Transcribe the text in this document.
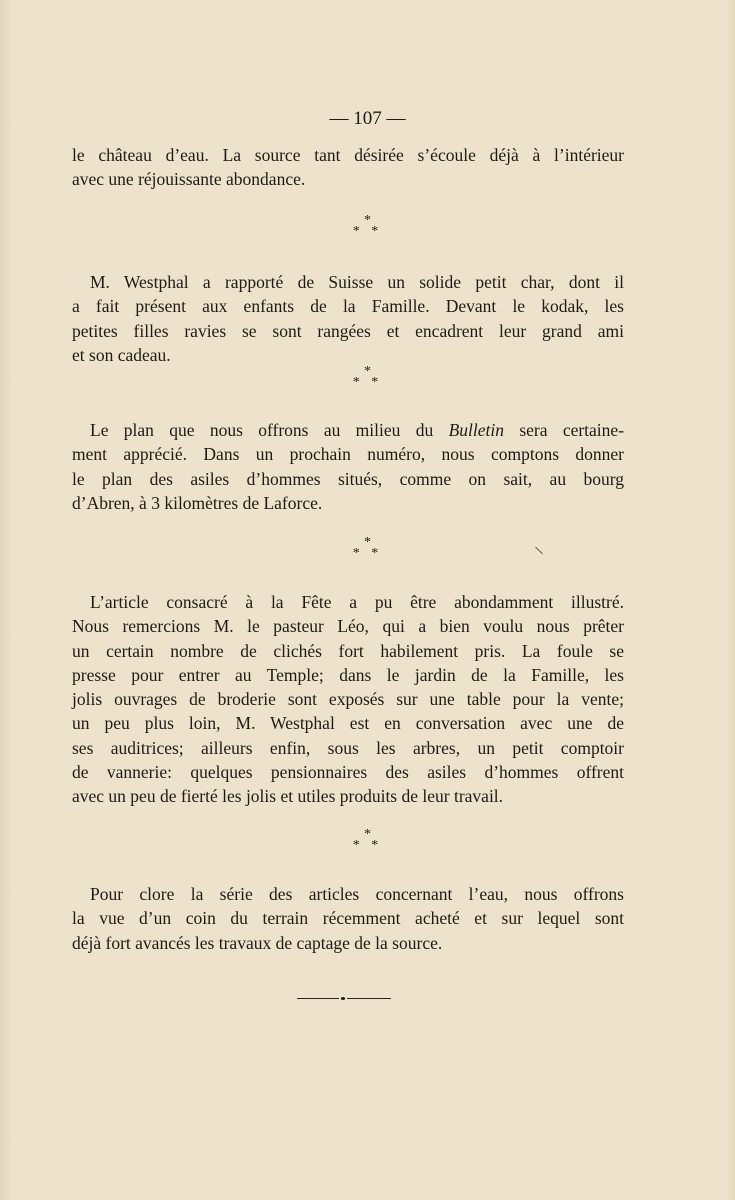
— 107 —
le château d’eau. La source tant désirée s’écoule déjà à l’intérieur
avec une réjouissante abondance.
*
* *
M. Westphal a rapporté de Suisse un solide petit char, dont il
a fait présent aux enfants de la Famille. Devant le kodak, les
petites filles ravies se sont rangées et encadrent leur grand ami
et son cadeau.
*
* *
Le plan que nous offrons au milieu du Bulletin sera certaine-
ment apprécié. Dans un prochain numéro, nous comptons donner
le plan des asiles d’hommes situés, comme on sait, au bourg
d’Abren, à 3 kilomètres de Laforce.
*
* *
L’article consacré à la Fête a pu être abondamment illustré.
Nous remercions M. le pasteur Léo, qui a bien voulu nous prêter
un certain nombre de clichés fort habilement pris. La foule se
presse pour entrer au Temple; dans le jardin de la Famille, les
jolis ouvrages de broderie sont exposés sur une table pour la vente;
un peu plus loin, M. Westphal est en conversation avec une de
ses auditrices; ailleurs enfin, sous les arbres, un petit comptoir
de vannerie: quelques pensionnaires des asiles d’hommes offrent
avec un peu de fierté les jolis et utiles produits de leur travail.
*
* *
Pour clore la série des articles concernant l’eau, nous offrons
la vue d’un coin du terrain récemment acheté et sur lequel sont
déjà fort avancés les travaux de captage de la source.
